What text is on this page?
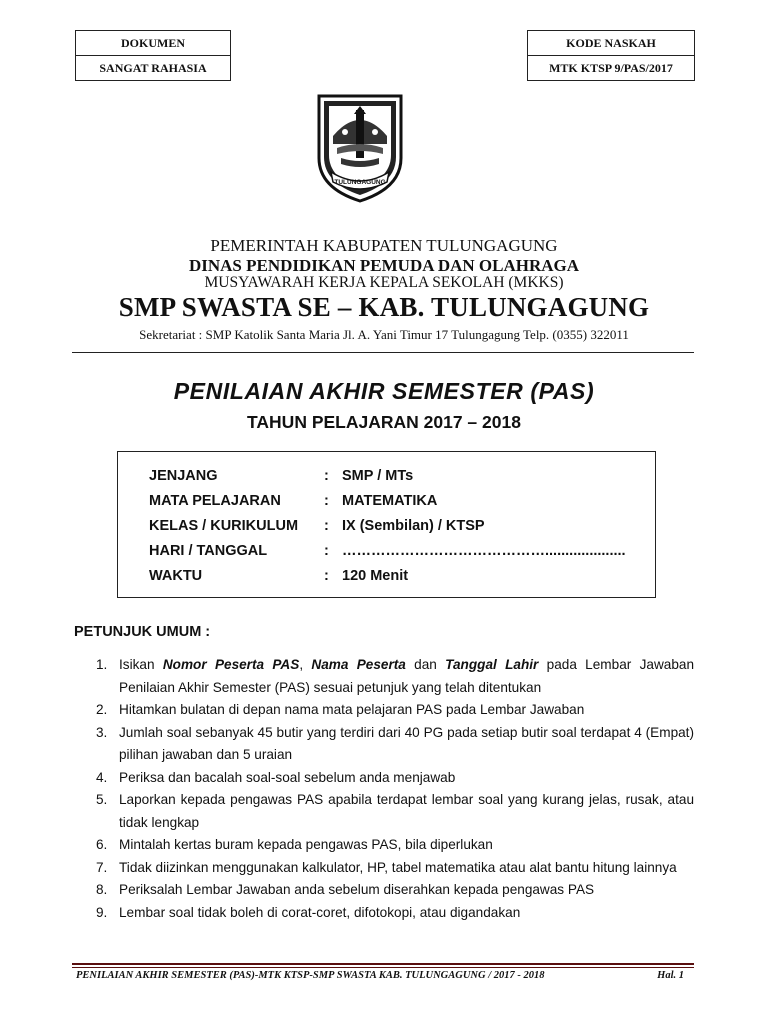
DOKUMEN
SANGAT RAHASIA
KODE NASKAH
MTK KTSP 9/PAS/2017
TULUNGAGUNG
PEMERINTAH KABUPATEN TULUNGAGUNG
DINAS PENDIDIKAN PEMUDA DAN OLAHRAGA
MUSYAWARAH KERJA KEPALA SEKOLAH (MKKS)
SMP SWASTA SE – KAB. TULUNGAGUNG
Sekretariat : SMP Katolik Santa Maria Jl. A. Yani Timur 17 Tulungagung Telp. (0355) 322011
PENILAIAN AKHIR SEMESTER (PAS)
TAHUN PELAJARAN 2017 – 2018
JENJANG	: SMP / MTs
MATA PELAJARAN	: MATEMATIKA
KELAS / KURIKULUM : IX (Sembilan) / KTSP
HARI / TANGGAL	: ……………………………………....................
WAKTU	: 120 Menit
PETUNJUK UMUM :
1. Isikan Nomor Peserta PAS, Nama Peserta dan Tanggal Lahir pada Lembar Jawaban Penilaian Akhir Semester (PAS) sesuai petunjuk yang telah ditentukan
2. Hitamkan bulatan di depan nama mata pelajaran PAS pada Lembar Jawaban
3. Jumlah soal sebanyak 45 butir yang terdiri dari 40 PG pada setiap butir soal terdapat 4 (Empat) pilihan jawaban dan 5 uraian
4. Periksa dan bacalah soal-soal sebelum anda menjawab
5. Laporkan kepada pengawas PAS apabila terdapat lembar soal yang kurang jelas, rusak, atau tidak lengkap
6. Mintalah kertas buram kepada pengawas PAS, bila diperlukan
7. Tidak diizinkan menggunakan kalkulator, HP, tabel matematika atau alat bantu hitung lainnya
8. Periksalah Lembar Jawaban anda sebelum diserahkan kepada pengawas PAS
9. Lembar soal tidak boleh di corat-coret, difotokopi, atau digandakan
PENILAIAN AKHIR SEMESTER (PAS)-MTK KTSP-SMP SWASTA KAB. TULUNGAGUNG / 2017 - 2018	Hal. 1
